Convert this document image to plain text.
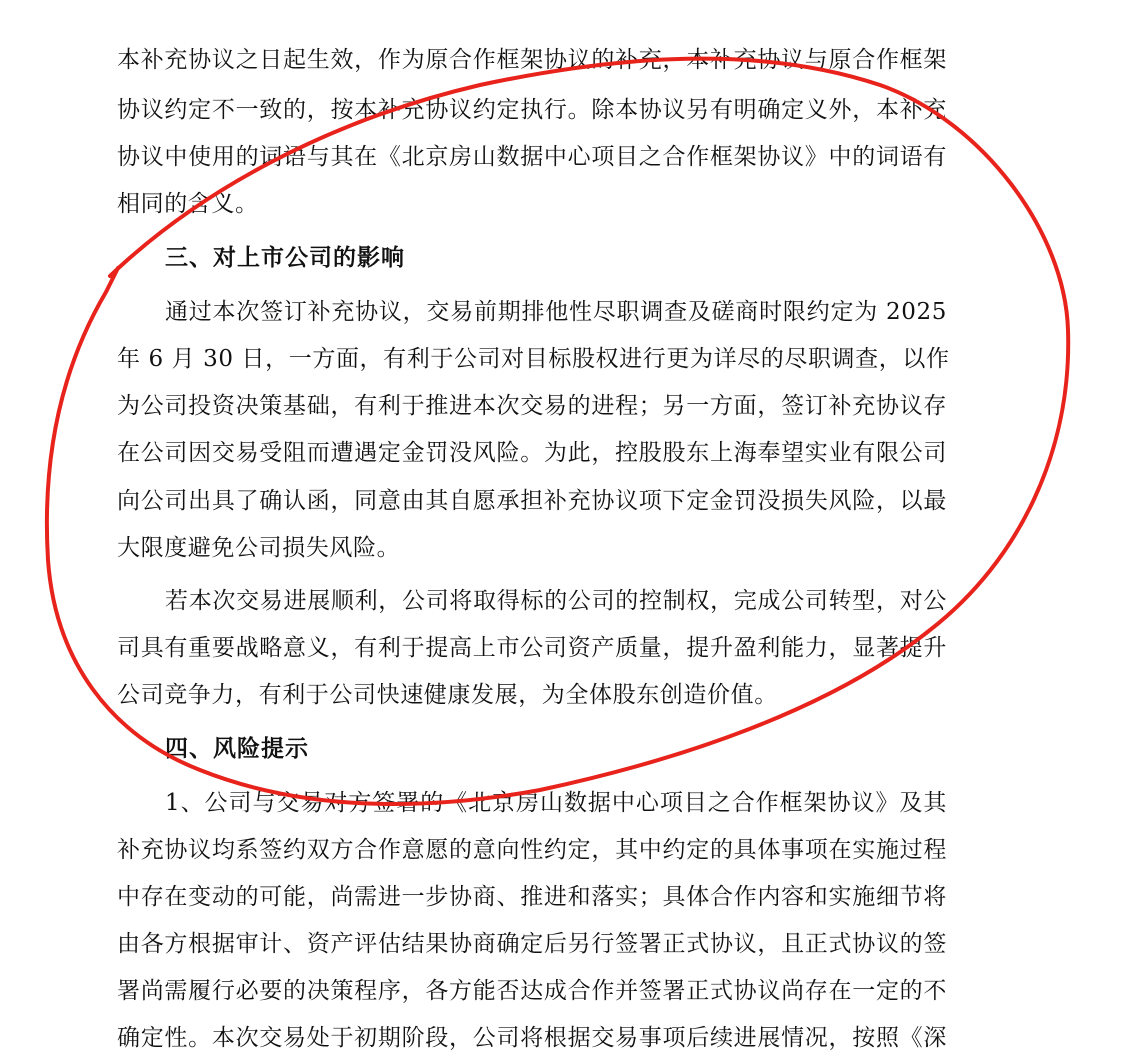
本补充协议之日起生效，作为原合作框架协议的补充，本补充协议与原合作框架
协议约定不一致的，按本补充协议约定执行。除本协议另有明确定义外，本补充
协议中使用的词语与其在《北京房山数据中心项目之合作框架协议》中的词语有
相同的含义。
三、对上市公司的影响
通过本次签订补充协议，交易前期排他性尽职调查及磋商时限约定为 2025
年 6 月 30 日，一方面，有利于公司对目标股权进行更为详尽的尽职调查，以作
为公司投资决策基础，有利于推进本次交易的进程；另一方面，签订补充协议存
在公司因交易受阻而遭遇定金罚没风险。为此，控股股东上海奉望实业有限公司
向公司出具了确认函，同意由其自愿承担补充协议项下定金罚没损失风险，以最
大限度避免公司损失风险。
若本次交易进展顺利，公司将取得标的公司的控制权，完成公司转型，对公
司具有重要战略意义，有利于提高上市公司资产质量，提升盈利能力，显著提升
公司竞争力，有利于公司快速健康发展，为全体股东创造价值。
四、风险提示
1、公司与交易对方签署的《北京房山数据中心项目之合作框架协议》及其
补充协议均系签约双方合作意愿的意向性约定，其中约定的具体事项在实施过程
中存在变动的可能，尚需进一步协商、推进和落实；具体合作内容和实施细节将
由各方根据审计、资产评估结果协商确定后另行签署正式协议，且正式协议的签
署尚需履行必要的决策程序，各方能否达成合作并签署正式协议尚存在一定的不
确定性。本次交易处于初期阶段，公司将根据交易事项后续进展情况，按照《深
